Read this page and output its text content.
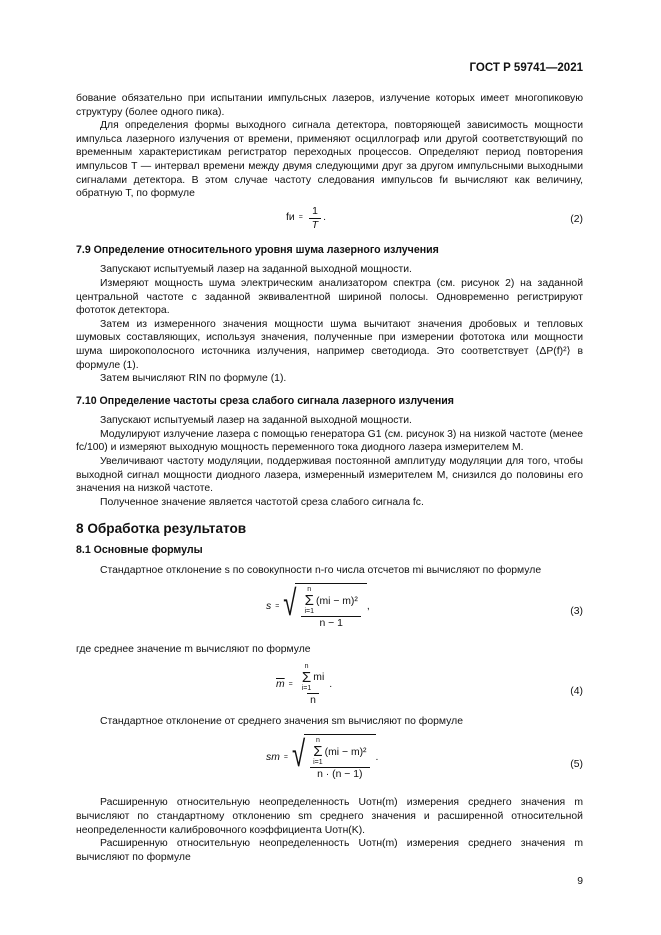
ГОСТ Р 59741—2021

бование обязательно при испытании импульсных лазеров, излучение которых имеет многопиковую структуру (более одного пика).

Для определения формы выходного сигнала детектора, повторяющей зависимость мощности импульса лазерного излучения от времени, применяют осциллограф или другой соответствующий по временным характеристикам регистратор переходных процессов. Определяют период повторения импульсов T — интервал времени между двумя следующими друг за другом импульсными выходными сигналами детектора. В этом случае частоту следования импульсов fи вычисляют как величину, обратную T, по формуле

fи = $\frac{1}{T}$ .	(2)
7.9 Определение относительного уровня шума лазерного излучения

Запускают испытуемый лазер на заданной выходной мощности.

Измеряют мощность шума электрическим анализатором спектра (см. рисунок 2) на заданной центральной частоте с заданной эквивалентной шириной полосы. Одновременно регистрируют фототок детектора.

Затем из измеренного значения мощности шума вычитают значения дробовых и тепловых шумовых составляющих, используя значения, полученные при измерении фототока или мощности шума широкополосного источника излучения, например светодиода. Это соответствует ⟨ΔP(f)²⟩ в формуле (1).

Затем вычисляют RIN по формуле (1).

7.10 Определение частоты среза слабого сигнала лазерного излучения

Запускают испытуемый лазер на заданной выходной мощности.

Модулируют излучение лазера с помощью генератора G1 (см. рисунок 3) на низкой частоте (менее fс/100) и измеряют выходную мощность переменного тока диодного лазера измерителем M.

Увеличивают частоту модуляции, поддерживая постоянной амплитуду модуляции для того, чтобы выходной сигнал мощности диодного лазера, измеренный измерителем M, снизился до половины его значения на низкой частоте.

Полученное значение является частотой среза слабого сигнала fс.

8 Обработка результатов
8.1 Основные формулы

Стандартное отклонение s по совокупности n-го числа отсчетов mi вычисляют по формуле

s = √ n
Σ
i=1
(mi − m)²
n − 1
,	(3)

где среднее значение m вычисляют по формуле

$\overline{m}$ =
n
Σ
i=1
mi
n
.
(4)

Стандартное отклонение от среднего значения sm вычисляют по формуле

sm = √ n
Σ
i=1
(mi − m)²
n · (n − 1)
.
(5)

Расширенную относительную неопределенность Uотн(m) измерения среднего значения m вычисляют по стандартному отклонению sm среднего значения и расширенной относительной неопределенности калибровочного коэффициента Uотн(K).

Расширенную относительную неопределенность Uотн(m) измерения среднего значения m вычисляют по формуле

9
